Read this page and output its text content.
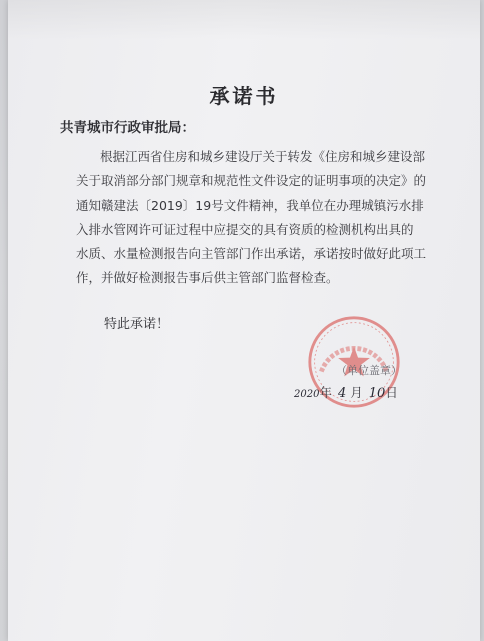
承诺书
共青城市行政审批局：
根据江西省住房和城乡建设厅关于转发《住房和城乡建设部
关于取消部分部门规章和规范性文件设定的证明事项的决定》的
通知赣建法〔2019〕19号文件精神，我单位在办理城镇污水排
入排水管网许可证过程中应提交的具有资质的检测机构出具的
水质、水量检测报告向主管部门作出承诺，承诺按时做好此项工
作，并做好检测报告事后供主管部门监督检查。
特此承诺！
（单位盖章）
2020年 4 月 10日
